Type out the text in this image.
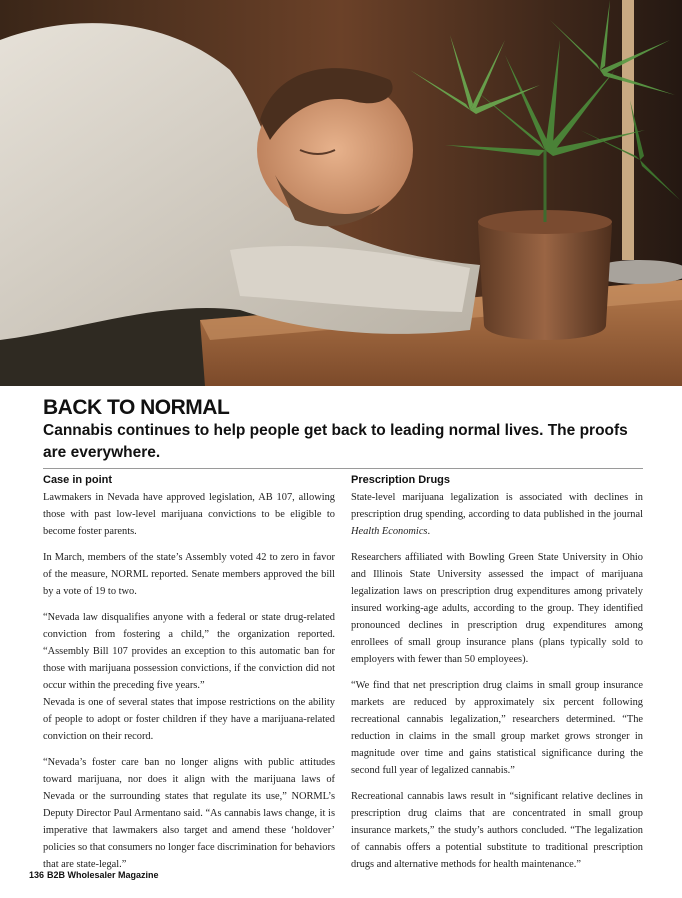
BACK TO NORMAL

Cannabis continues to help people get back to leading normal lives. The proofs are everywhere.

Case in point

Lawmakers in Nevada have approved legislation, AB 107, allowing those with past low-level marijuana convictions to be eligible to become foster parents.

In March, members of the state’s Assembly voted 42 to zero in favor of the measure, NORML reported. Senate members approved the bill by a vote of 19 to two.

“Nevada law disqualifies anyone with a federal or state drug-related conviction from fostering a child,” the organization reported. “Assembly Bill 107 provides an exception to this automatic ban for those with marijuana possession convictions, if the conviction did not occur within the preceding five years.”

Nevada is one of several states that impose restrictions on the ability of people to adopt or foster children if they have a marijuana-related conviction on their record.

“Nevada’s foster care ban no longer aligns with public attitudes toward marijuana, nor does it align with the marijuana laws of Nevada or the surrounding states that regulate its use,” NORML’s Deputy Director Paul Armentano said. “As cannabis laws change, it is imperative that lawmakers also target and amend these ‘holdover’ policies so that consumers no longer face discrimination for behaviors that are state-legal.”

Prescription Drugs

State-level marijuana legalization is associated with declines in prescription drug spending, according to data published in the journal Health Economics.

Researchers affiliated with Bowling Green State University in Ohio and Illinois State University assessed the impact of marijuana legalization laws on prescription drug expenditures among privately insured working-age adults, according to the group. They identified pronounced declines in prescription drug expenditures among enrollees of small group insurance plans (plans typically sold to employers with fewer than 50 employees).

“We find that net prescription drug claims in small group insurance markets are reduced by approximately six percent following recreational cannabis legalization,” researchers determined. “The reduction in claims in the small group market grows stronger in magnitude over time and gains statistical significance during the second full year of legalized cannabis.”

Recreational cannabis laws result in “significant relative declines in prescription drug claims that are concentrated in small group insurance markets,” the study’s authors concluded. “The legalization of cannabis offers a potential substitute to traditional prescription drugs and alternative methods for health maintenance.”

136 B2B Wholesaler Magazine
